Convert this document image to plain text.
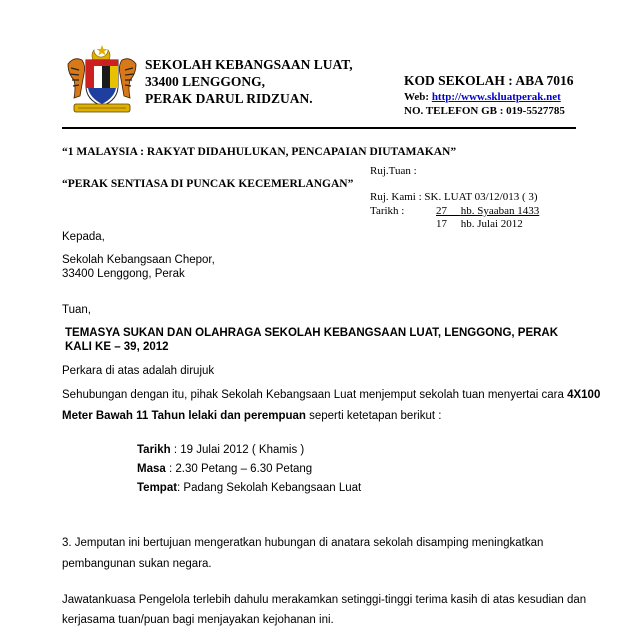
SEKOLAH KEBANGSAAN LUAT,
33400 LENGGONG,
PERAK DARUL RIDZUAN.
KOD SEKOLAH : ABA 7016
Web: http://www.skluatperak.net
NO. TELEFON GB : 019-5527785
“1 MALAYSIA : RAKYAT DIDAHULUKAN, PENCAPAIAN DIUTAMAKAN”
“PERAK SENTIASA DI PUNCAK KECEMERLANGAN”
Ruj.Tuan :
Ruj. Kami : SK. LUAT 03/12/013 ( 3)
Tarikh :	27 hb. Syaaban 1433
17 hb. Julai 2012
Kepada,
Sekolah Kebangsaan Chepor,
33400 Lenggong, Perak
Tuan,
TEMASYA SUKAN DAN OLAHRAGA SEKOLAH KEBANGSAAN LUAT, LENGGONG, PERAK
KALI KE – 39, 2012
Perkara di atas adalah dirujuk
Sehubungan dengan itu, pihak Sekolah Kebangsaan Luat menjemput sekolah tuan menyertai cara 4X100
Meter Bawah 11 Tahun lelaki dan perempuan seperti ketetapan berikut :
Tarikh : 19 Julai 2012 ( Khamis )
Masa : 2.30 Petang – 6.30 Petang
Tempat: Padang Sekolah Kebangsaan Luat
3. Jemputan ini bertujuan mengeratkan hubungan di anatara sekolah disamping meningkatkan
pembangunan sukan negara.
Jawatankuasa Pengelola terlebih dahulu merakamkan setinggi-tinggi terima kasih di atas kesudian dan
kerjasama tuan/puan bagi menjayakan kejohanan ini.
